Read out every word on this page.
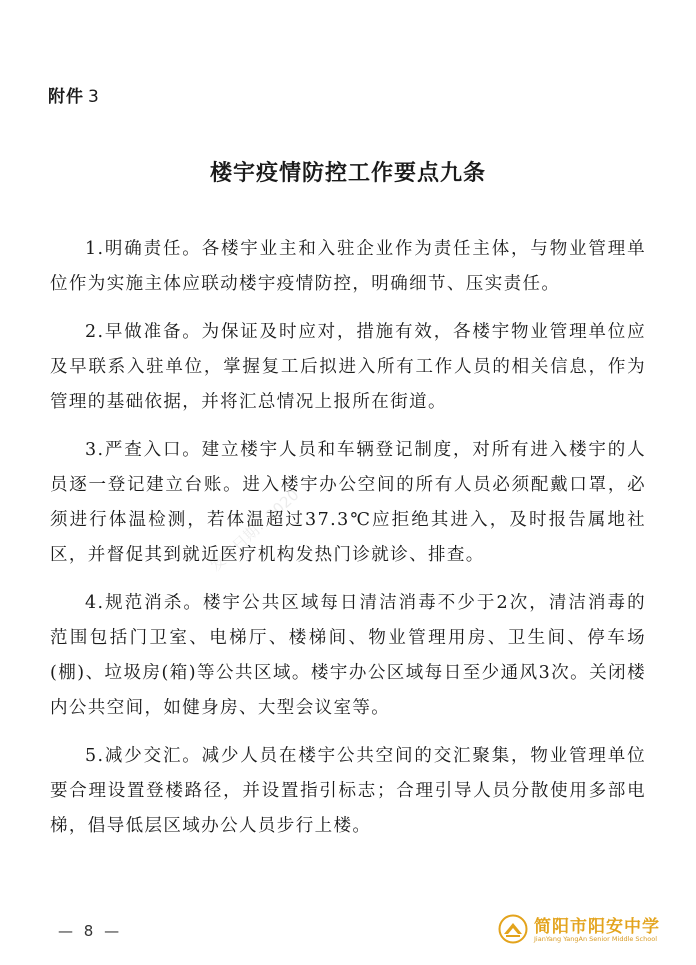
附件 3
楼宇疫情防控工作要点九条

1.明确责任。各楼宇业主和入驻企业作为责任主体，与物业管理单位作为实施主体应联动楼宇疫情防控，明确细节、压实责任。

2.早做准备。为保证及时应对，措施有效，各楼宇物业管理单位应及早联系入驻单位，掌握复工后拟进入所有工作人员的相关信息，作为管理的基础依据，并将汇总情况上报所在街道。

3.严查入口。建立楼宇人员和车辆登记制度，对所有进入楼宇的人员逐一登记建立台账。进入楼宇办公空间的所有人员必须配戴口罩，必须进行体温检测，若体温超过37.3℃应拒绝其进入，及时报告属地社区，并督促其到就近医疗机构发热门诊就诊、排查。

4.规范消杀。楼宇公共区域每日清洁消毒不少于2次，清洁消毒的范围包括门卫室、电梯厅、楼梯间、物业管理用房、卫生间、停车场(棚)、垃圾房(箱)等公共区域。楼宇办公区域每日至少通风3次。关闭楼内公共空间，如健身房、大型会议室等。

5.减少交汇。减少人员在楼宇公共空间的交汇聚集，物业管理单位要合理设置登楼路径，并设置指引标志；合理引导人员分散使用多部电梯，倡导低层区域办公人员步行上楼。

发布日期：2020
— 8 —	简阳市阳安中学
JianYang YangAn Senior Middle School
